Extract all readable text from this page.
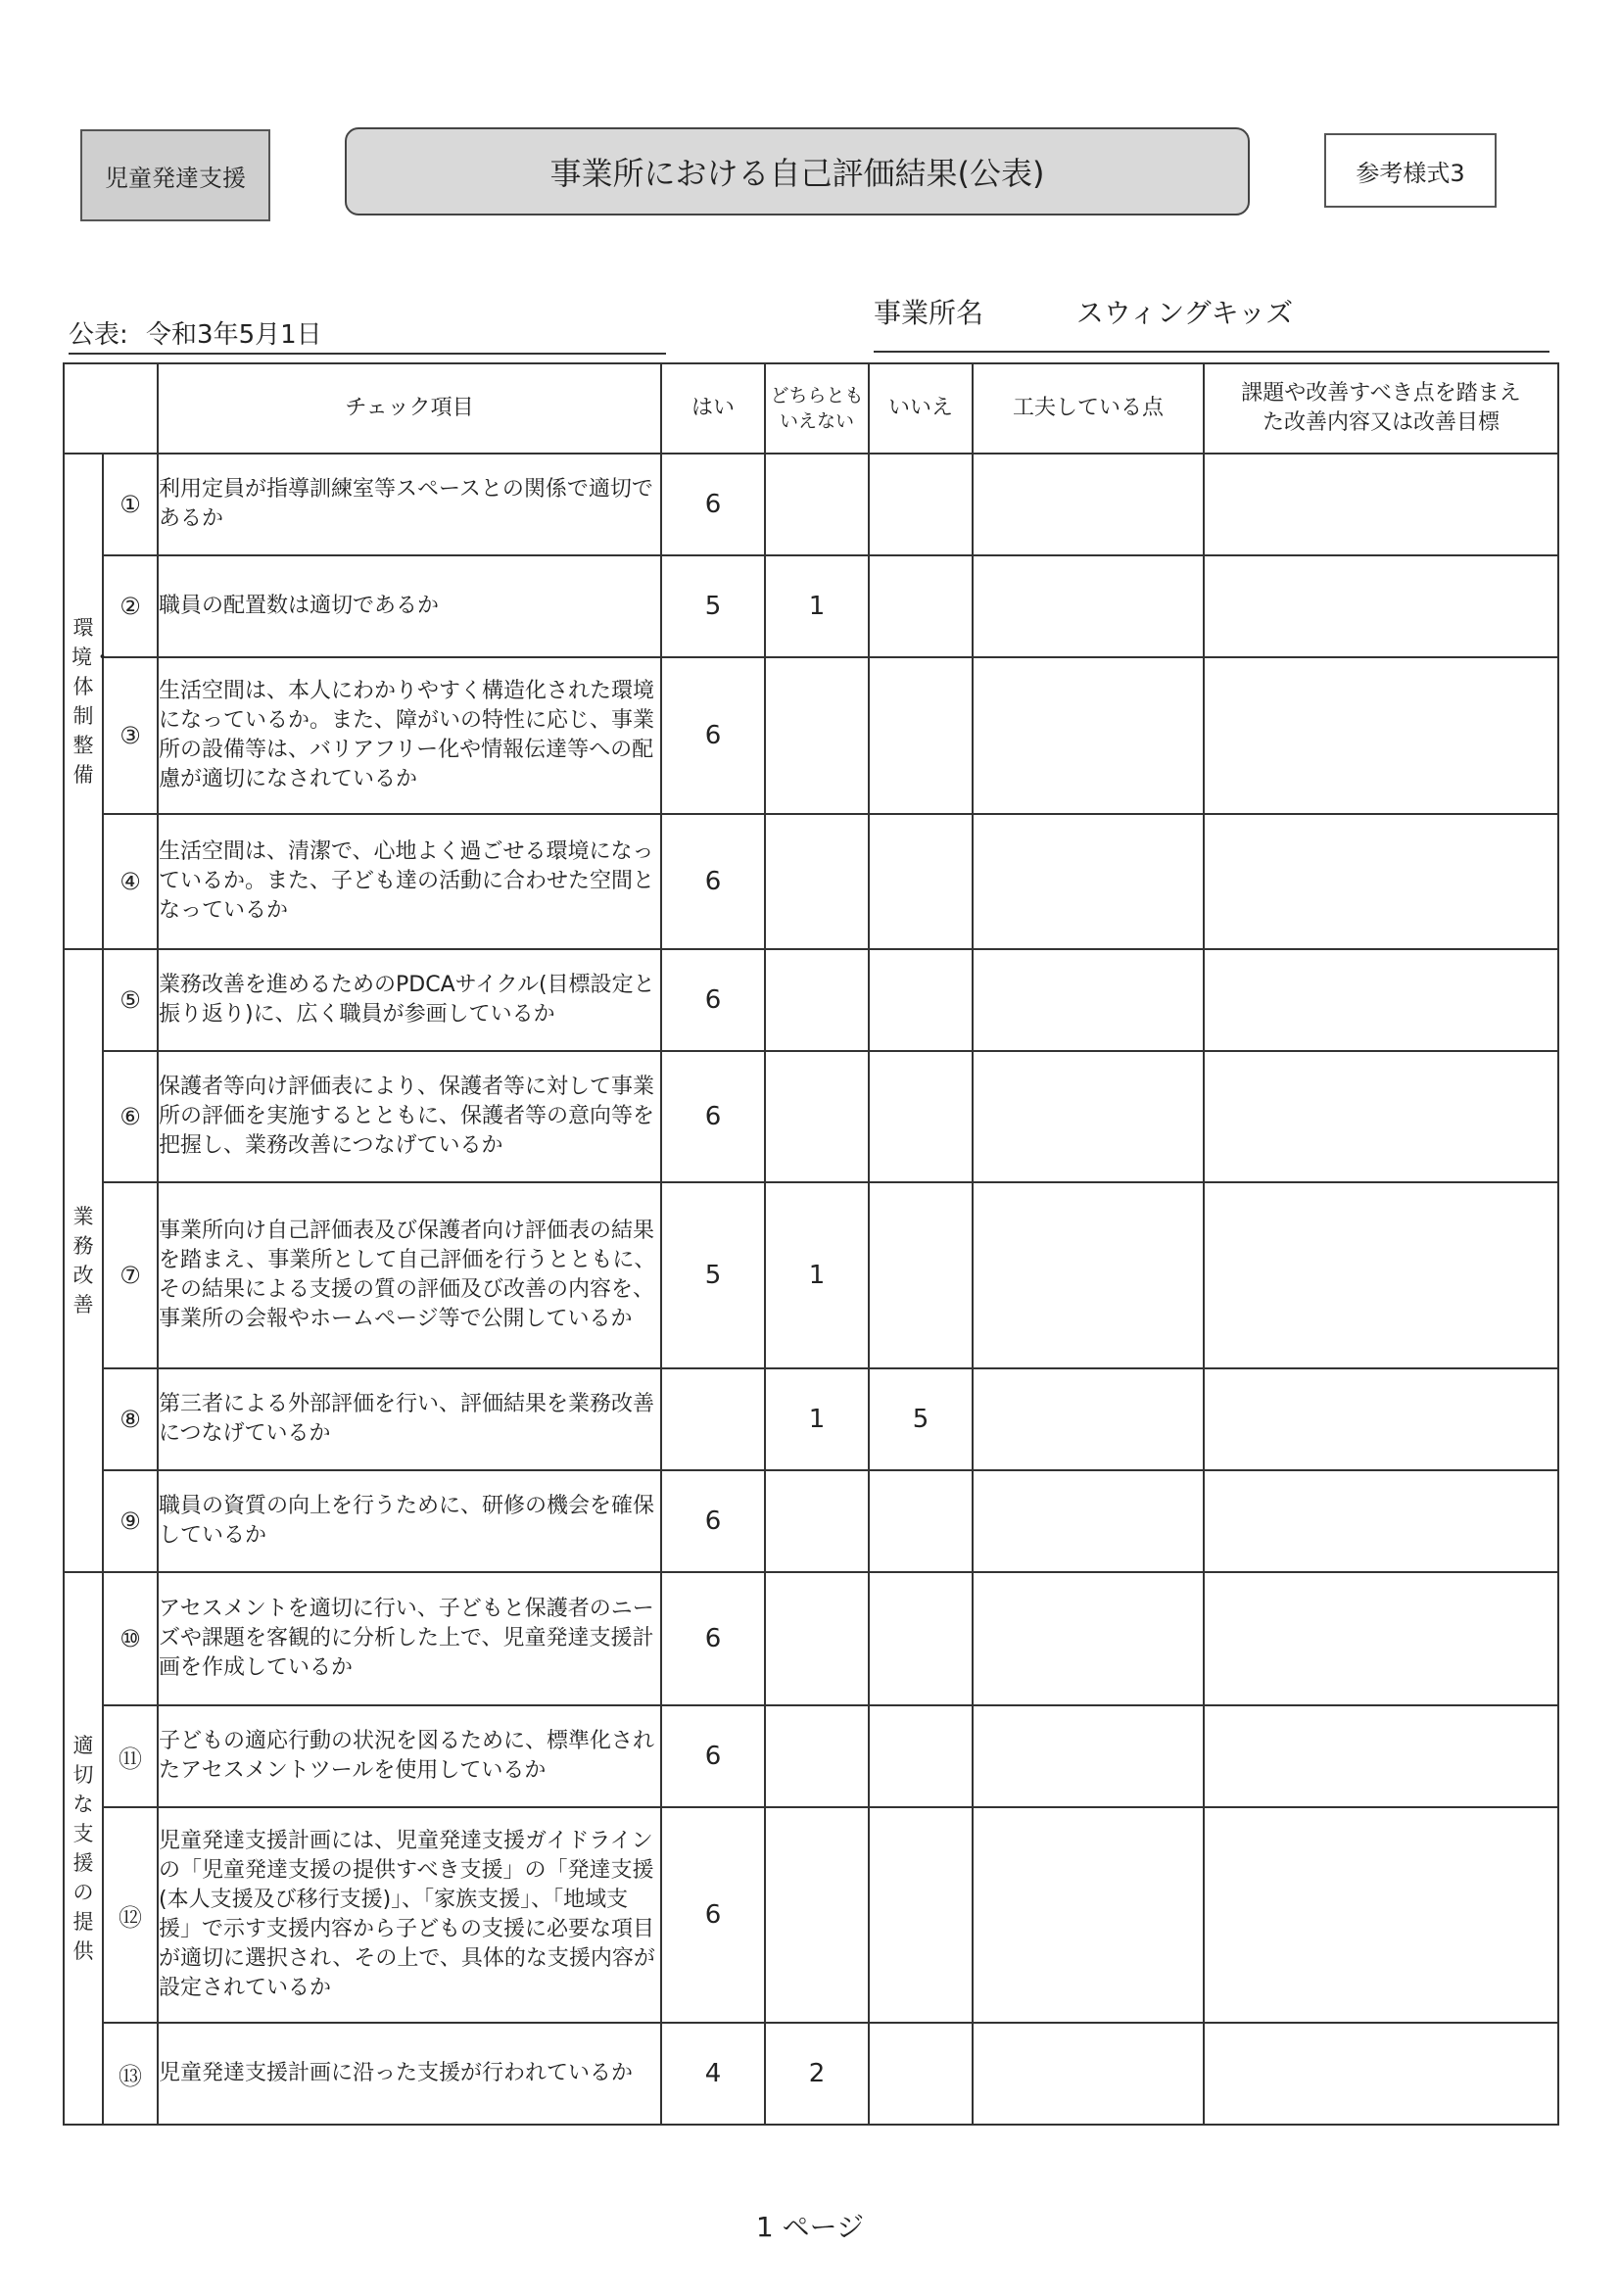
児童発達支援	事業所における自己評価結果(公表)	参考様式3
公表: 令和3年5月1日
事業所名	スウィングキッズ
		チェック項目	はい	どちらとも
いえない	いいえ	工夫している点	課題や改善すべき点を踏まえ
た改善内容又は改善目標
環境・体制整備	①	利用定員が指導訓練室等スペースとの関係で適切であるか	6				
	②	職員の配置数は適切であるか	5	1			
	③	生活空間は、本人にわかりやすく構造化された環境になっているか。また、障がいの特性に応じ、事業所の設備等は、バリアフリー化や情報伝達等への配慮が適切になされているか	6				
	④	生活空間は、清潔で、心地よく過ごせる環境になっているか。また、子ども達の活動に合わせた空間となっているか	6				
業務改善	⑤	業務改善を進めるためのPDCAサイクル(目標設定と振り返り)に、広く職員が参画しているか	6				
	⑥	保護者等向け評価表により、保護者等に対して事業所の評価を実施するとともに、保護者等の意向等を把握し、業務改善につなげているか	6				
	⑦	事業所向け自己評価表及び保護者向け評価表の結果を踏まえ、事業所として自己評価を行うとともに、その結果による支援の質の評価及び改善の内容を、事業所の会報やホームページ等で公開しているか	5	1			
	⑧	第三者による外部評価を行い、評価結果を業務改善につなげているか		1	5		
	⑨	職員の資質の向上を行うために、研修の機会を確保しているか	6				
適切な支援の提供	⑩	アセスメントを適切に行い、子どもと保護者のニーズや課題を客観的に分析した上で、児童発達支援計画を作成しているか	6				
	⑪	子どもの適応行動の状況を図るために、標準化されたアセスメントツールを使用しているか	6				
	⑫	児童発達支援計画には、児童発達支援ガイドラインの「児童発達支援の提供すべき支援」の「発達支援(本人支援及び移行支援)」、「家族支援」、「地域支援」で示す支援内容から子どもの支援に必要な項目が適切に選択され、その上で、具体的な支援内容が設定されているか	6				
	⑬	児童発達支援計画に沿った支援が行われているか	4	2			
1 ページ
